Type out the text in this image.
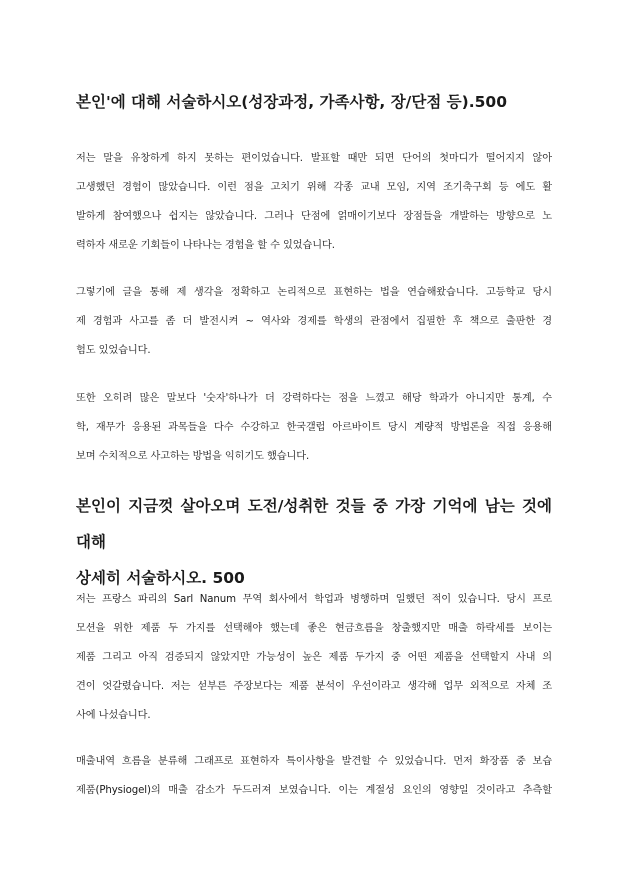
본인'에 대해 서술하시오(성장과정, 가족사항, 장/단점 등).500
저는 말을 유창하게 하지 못하는 편이었습니다. 발표할 때만 되면 단어의 첫마디가 떨어지지 않아
고생했던 경험이 많았습니다. 이런 점을 고치기 위해 각종 교내 모임, 지역 조기축구회 등 에도 활
발하게 참여했으나 쉽지는 않았습니다. 그러나 단점에 얽매이기보다 장점들을 개발하는 방향으로 노
력하자 새로운 기회들이 나타나는 경험을 할 수 있었습니다.
그렇기에 글을 통해 제 생각을 정확하고 논리적으로 표현하는 법을 연습해왔습니다. 고등학교 당시
제 경험과 사고를 좀 더 발전시켜 ~ 역사와 경제를 학생의 관점에서 집필한 후 책으로 출판한 경
험도 있었습니다.
또한 오히려 많은 말보다 '숫자'하나가 더 강력하다는 점을 느꼈고 해당 학과가 아니지만 통계, 수
학, 재무가 응용된 과목들을 다수 수강하고 한국갤럽 아르바이트 당시 계량적 방법론을 직접 응용해
보며 수치적으로 사고하는 방법을 익히기도 했습니다.
본인이 지금껏 살아오며 도전/성취한 것들 중 가장 기억에 남는 것에 대해
상세히 서술하시오. 500
저는 프랑스 파리의 Sarl Nanum 무역 회사에서 학업과 병행하며 일했던 적이 있습니다. 당시 프로
모션을 위한 제품 두 가지를 선택해야 했는데 좋은 현금흐름을 창출했지만 매출 하락세를 보이는
제품 그리고 아직 검증되지 않았지만 가능성이 높은 제품 두가지 중 어떤 제품을 선택할지 사내 의
견이 엇갈렸습니다. 저는 섣부른 주장보다는 제품 분석이 우선이라고 생각해 업무 외적으로 자체 조
사에 나섰습니다.
매출내역 흐름을 분류해 그래프로 표현하자 특이사항을 발견할 수 있었습니다. 먼저 화장품 중 보습
제품(Physiogel)의 매출 감소가 두드러져 보였습니다. 이는 계절성 요인의 영향일 것이라고 추측할
